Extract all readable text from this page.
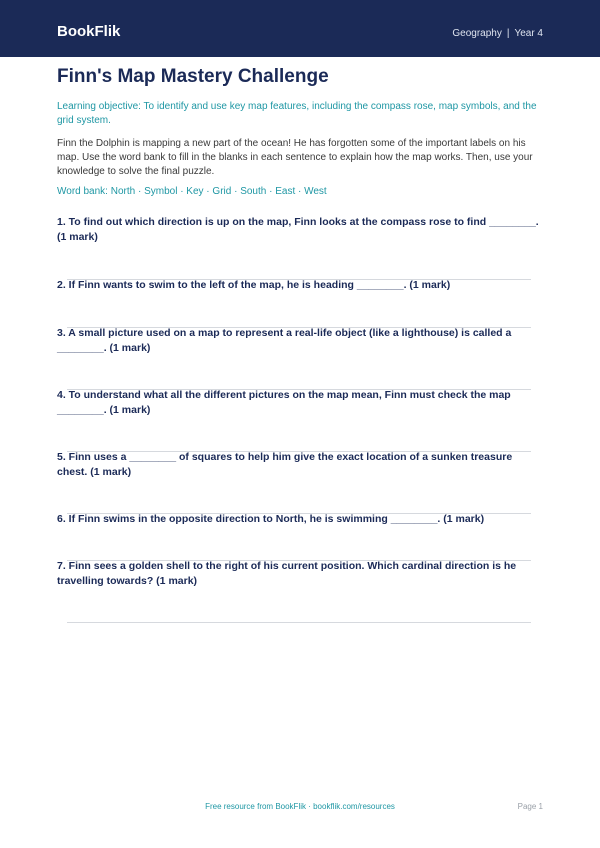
BookFlik	Geography | Year 4
Finn's Map Mastery Challenge

Learning objective: To identify and use key map features, including the compass rose, map symbols, and the grid system.

Finn the Dolphin is mapping a new part of the ocean! He has forgotten some of the important labels on his map. Use the word bank to fill in the blanks in each sentence to explain how the map works. Then, use your knowledge to solve the final puzzle.

Word bank: North · Symbol · Key · Grid · South · East · West

1. To find out which direction is up on the map, Finn looks at the compass rose to find ________. (1 mark)

2. If Finn wants to swim to the left of the map, he is heading ________. (1 mark)

3. A small picture used on a map to represent a real-life object (like a lighthouse) is called a ________. (1 mark)

4. To understand what all the different pictures on the map mean, Finn must check the map ________. (1 mark)

5. Finn uses a ________ of squares to help him give the exact location of a sunken treasure chest. (1 mark)

6. If Finn swims in the opposite direction to North, he is swimming ________. (1 mark)

7. Finn sees a golden shell to the right of his current position. Which cardinal direction is he travelling towards? (1 mark)

Free resource from BookFlik · bookflik.com/resources	Page 1
